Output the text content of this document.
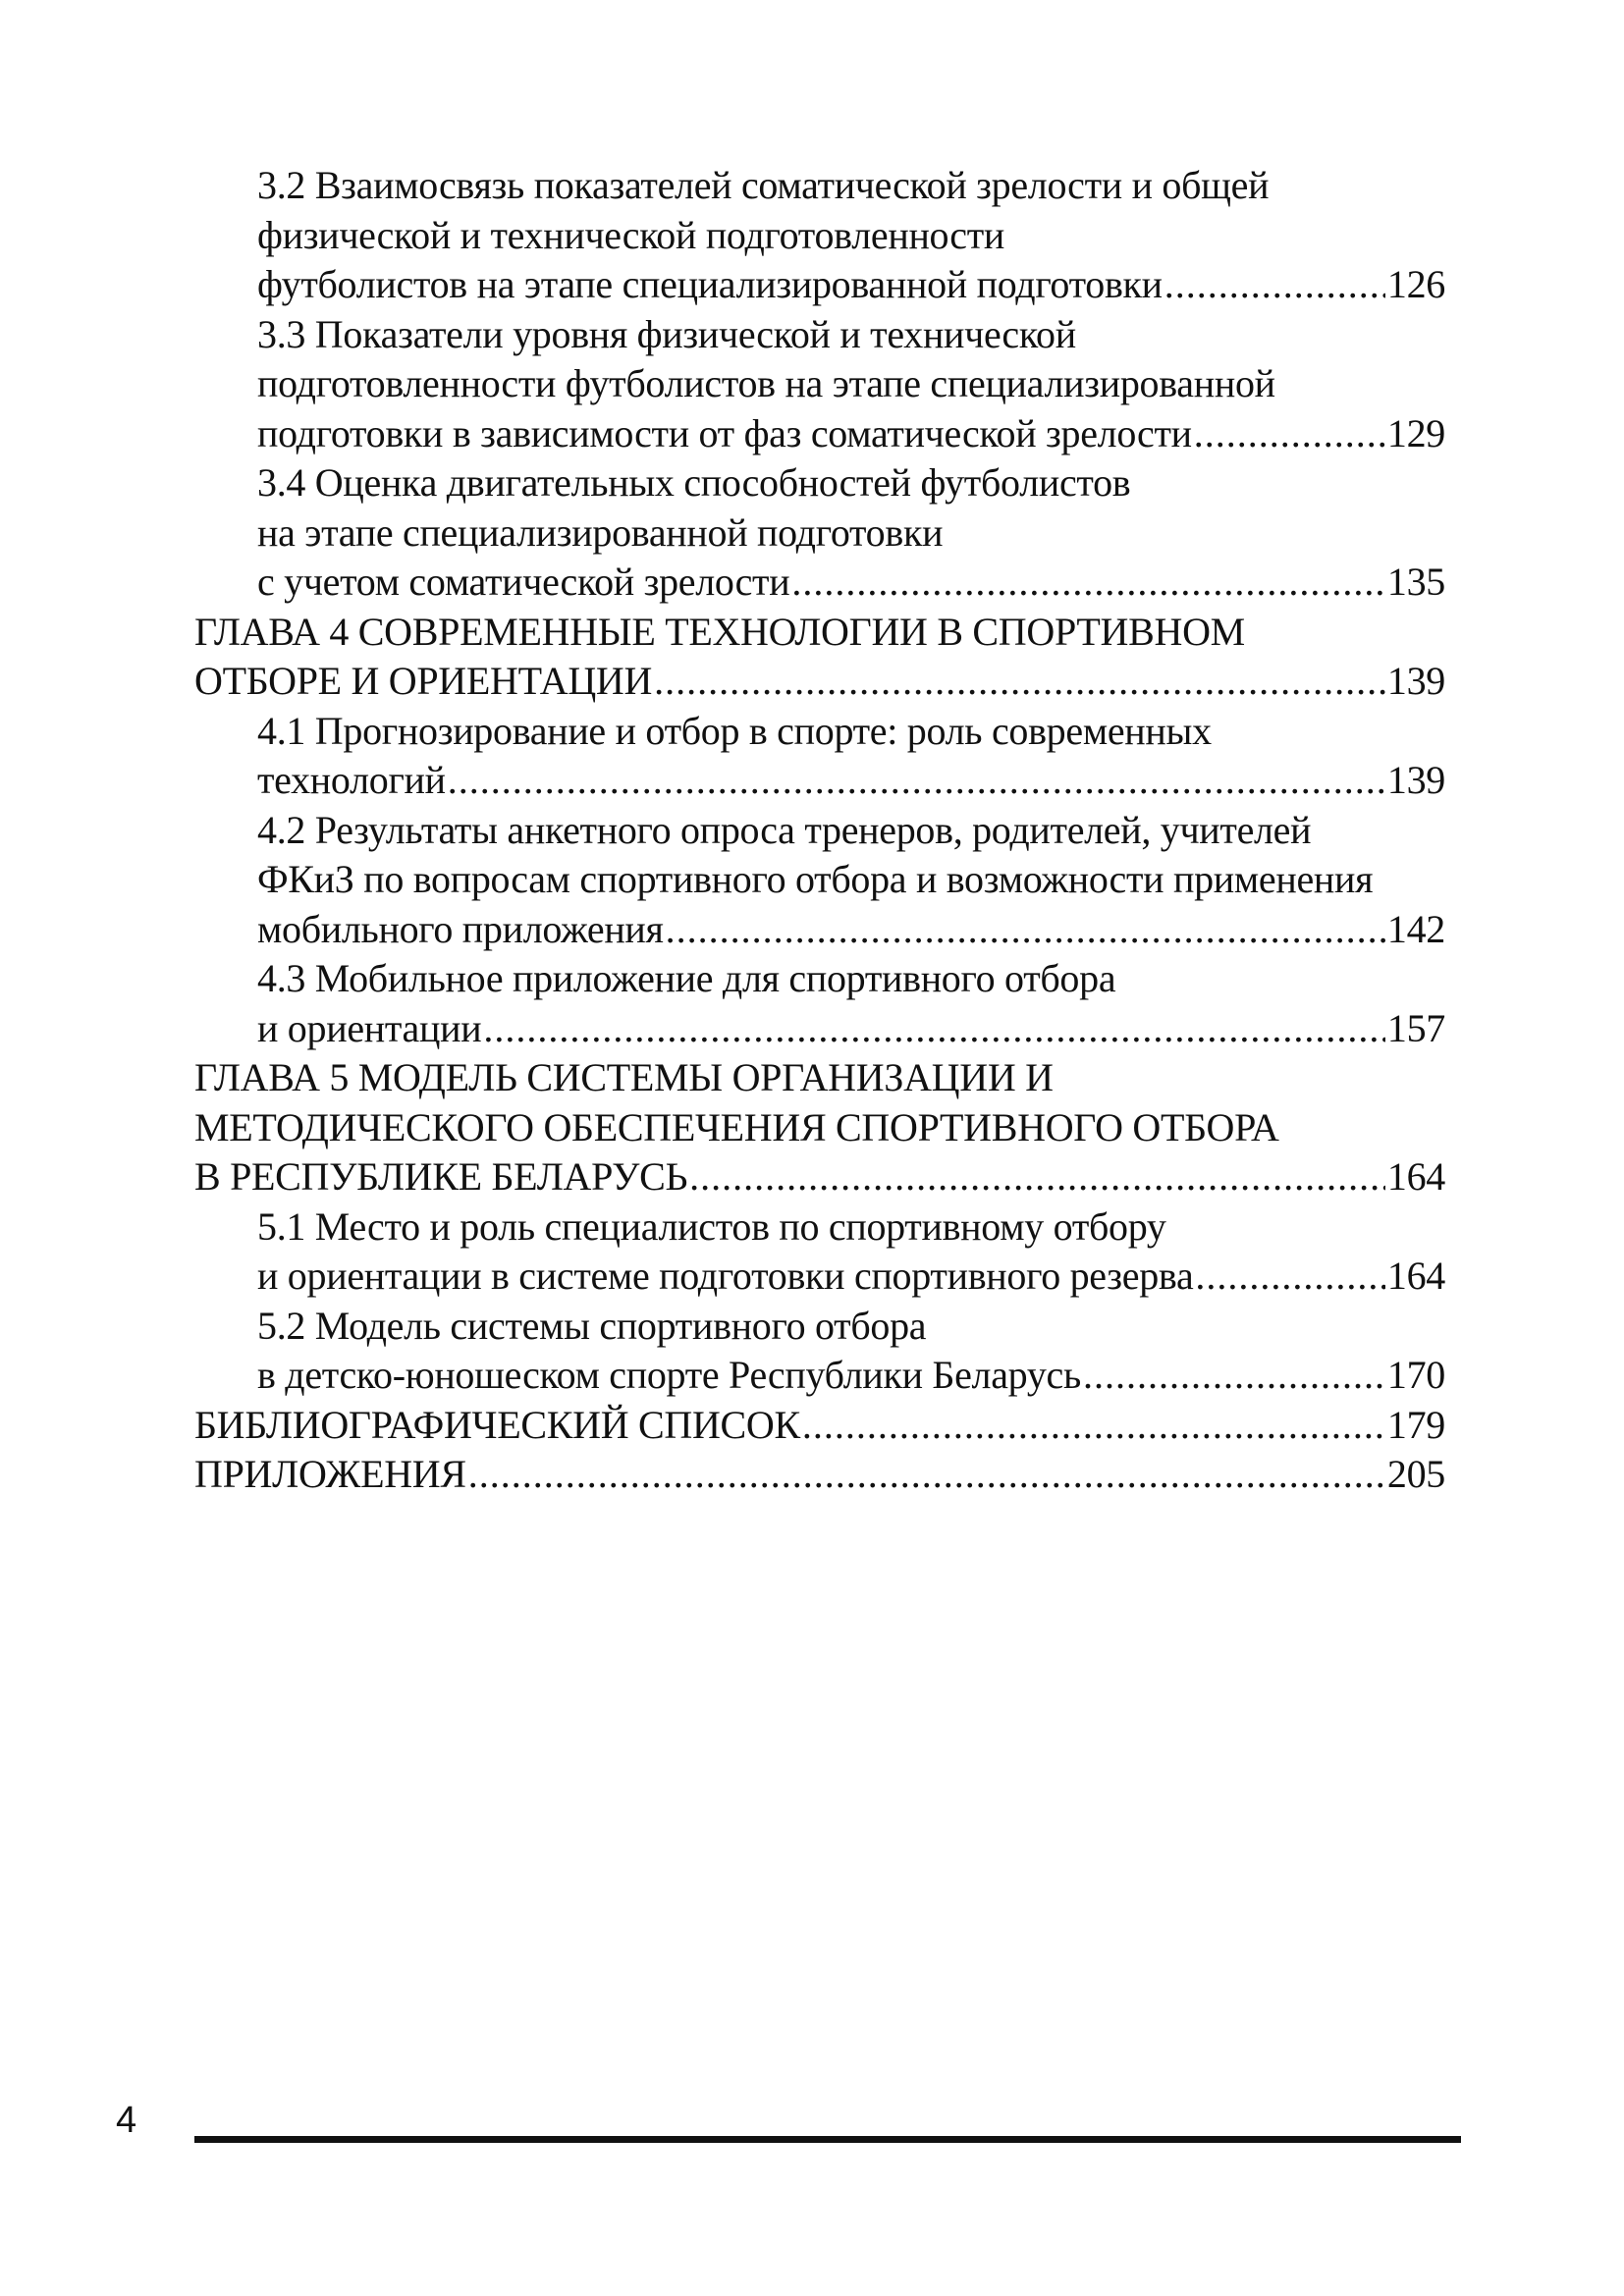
3.2 Взаимосвязь показателей соматической зрелости и общей
физической и технической подготовленности
футболистов на этапе специализированной подготовки .....	126
3.3 Показатели уровня физической и технической
подготовленности футболистов на этапе специализированной
подготовки в зависимости от фаз соматической зрелости .....	129
3.4 Оценка двигательных способностей футболистов
на этапе специализированной подготовки
с учетом соматической зрелости .....	135
ГЛАВА 4 СОВРЕМЕННЫЕ ТЕХНОЛОГИИ В СПОРТИВНОМ
ОТБОРЕ И ОРИЕНТАЦИИ .....	139
4.1 Прогнозирование и отбор в спорте: роль современных
технологий .....	139
4.2 Результаты анкетного опроса тренеров, родителей, учителей
ФКиЗ по вопросам спортивного отбора и возможности применения
мобильного приложения .....	142
4.3 Мобильное приложение для спортивного отбора
и ориентации .....	157
ГЛАВА 5 МОДЕЛЬ СИСТЕМЫ ОРГАНИЗАЦИИ И
МЕТОДИЧЕСКОГО ОБЕСПЕЧЕНИЯ СПОРТИВНОГО ОТБОРА
В РЕСПУБЛИКЕ БЕЛАРУСЬ .....	164
5.1 Место и роль специалистов по спортивному отбору
и ориентации в системе подготовки спортивного резерва .....	164
5.2 Модель системы спортивного отбора
в детско-юношеском спорте Республики Беларусь .....	170
БИБЛИОГРАФИЧЕСКИЙ СПИСОК .....	179
ПРИЛОЖЕНИЯ .....	205
4
